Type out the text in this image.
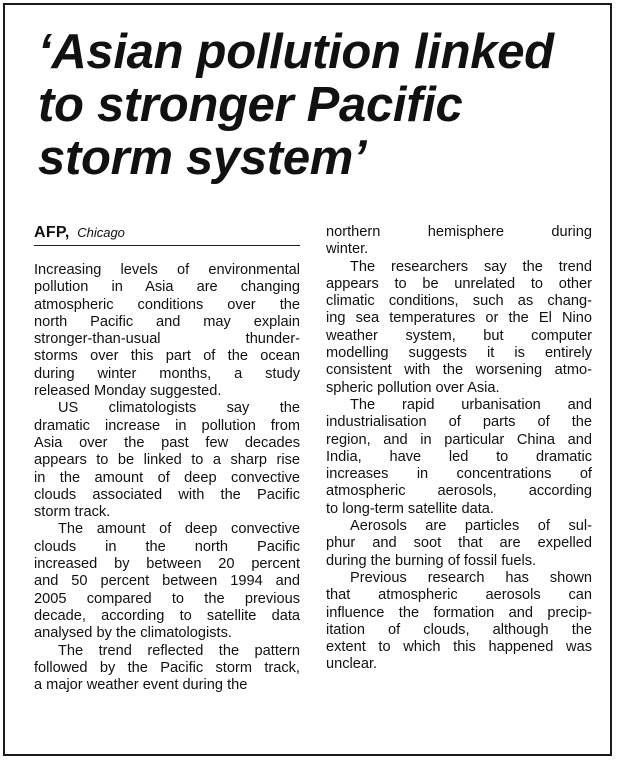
‘Asian pollution linked
to stronger Pacific
storm system’
AFP, Chicago

Increasing levels of environmental
pollution in Asia are changing
atmospheric conditions over the
north Pacific and may explain
stronger-than-usual thunder-
storms over this part of the ocean
during winter months, a study
released Monday suggested.

US climatologists say the
dramatic increase in pollution from
Asia over the past few decades
appears to be linked to a sharp rise
in the amount of deep convective
clouds associated with the Pacific
storm track.

The amount of deep convective
clouds in the north Pacific
increased by between 20 percent
and 50 percent between 1994 and
2005 compared to the previous
decade, according to satellite data
analysed by the climatologists.

The trend reflected the pattern
followed by the Pacific storm track,
a major weather event during the

northern hemisphere during
winter.

The researchers say the trend
appears to be unrelated to other
climatic conditions, such as chang-
ing sea temperatures or the El Nino
weather system, but computer
modelling suggests it is entirely
consistent with the worsening atmo-
spheric pollution over Asia.

The rapid urbanisation and
industrialisation of parts of the
region, and in particular China and
India, have led to dramatic
increases in concentrations of
atmospheric aerosols, according
to long-term satellite data.

Aerosols are particles of sul-
phur and soot that are expelled
during the burning of fossil fuels.

Previous research has shown
that atmospheric aerosols can
influence the formation and precip-
itation of clouds, although the
extent to which this happened was
unclear.
